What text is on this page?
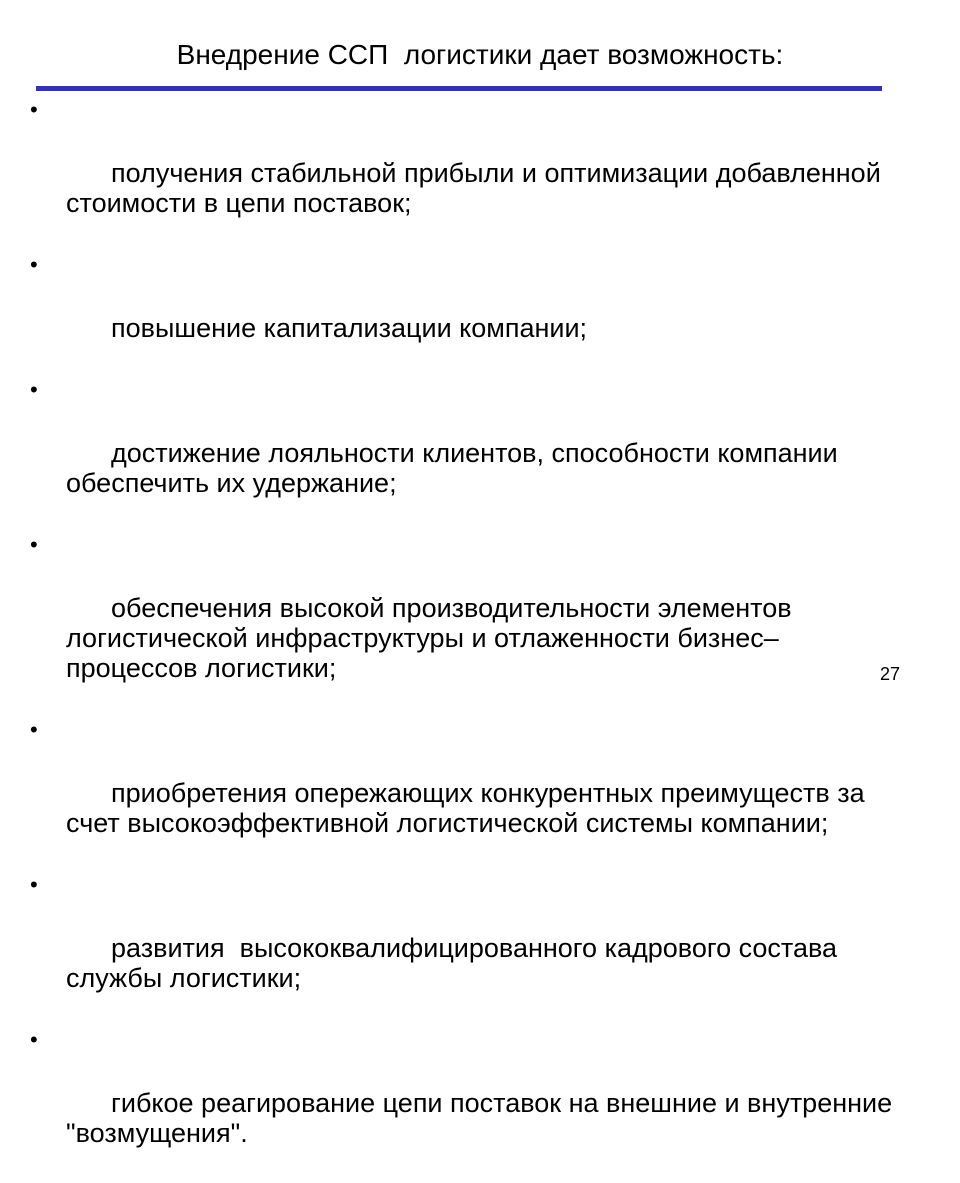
Внедрение ССП  логистики дает возможность:

•

получения стабильной прибыли и оптимизации добавленной стоимости в цепи поставок;

•

повышение капитализации компании;

•

достижение лояльности клиентов, способности компании обеспечить их удержание;

•

обеспечения высокой производительности элементов логистической инфраструктуры и отлаженности бизнес–процессов логистики;

•

приобретения опережающих конкурентных преимуществ за счет высокоэффективной логистической системы компании;

•

развития  высококвалифицированного кадрового состава службы логистики;

•

гибкое реагирование цепи поставок на внешние и внутренние "возмущения".

27
